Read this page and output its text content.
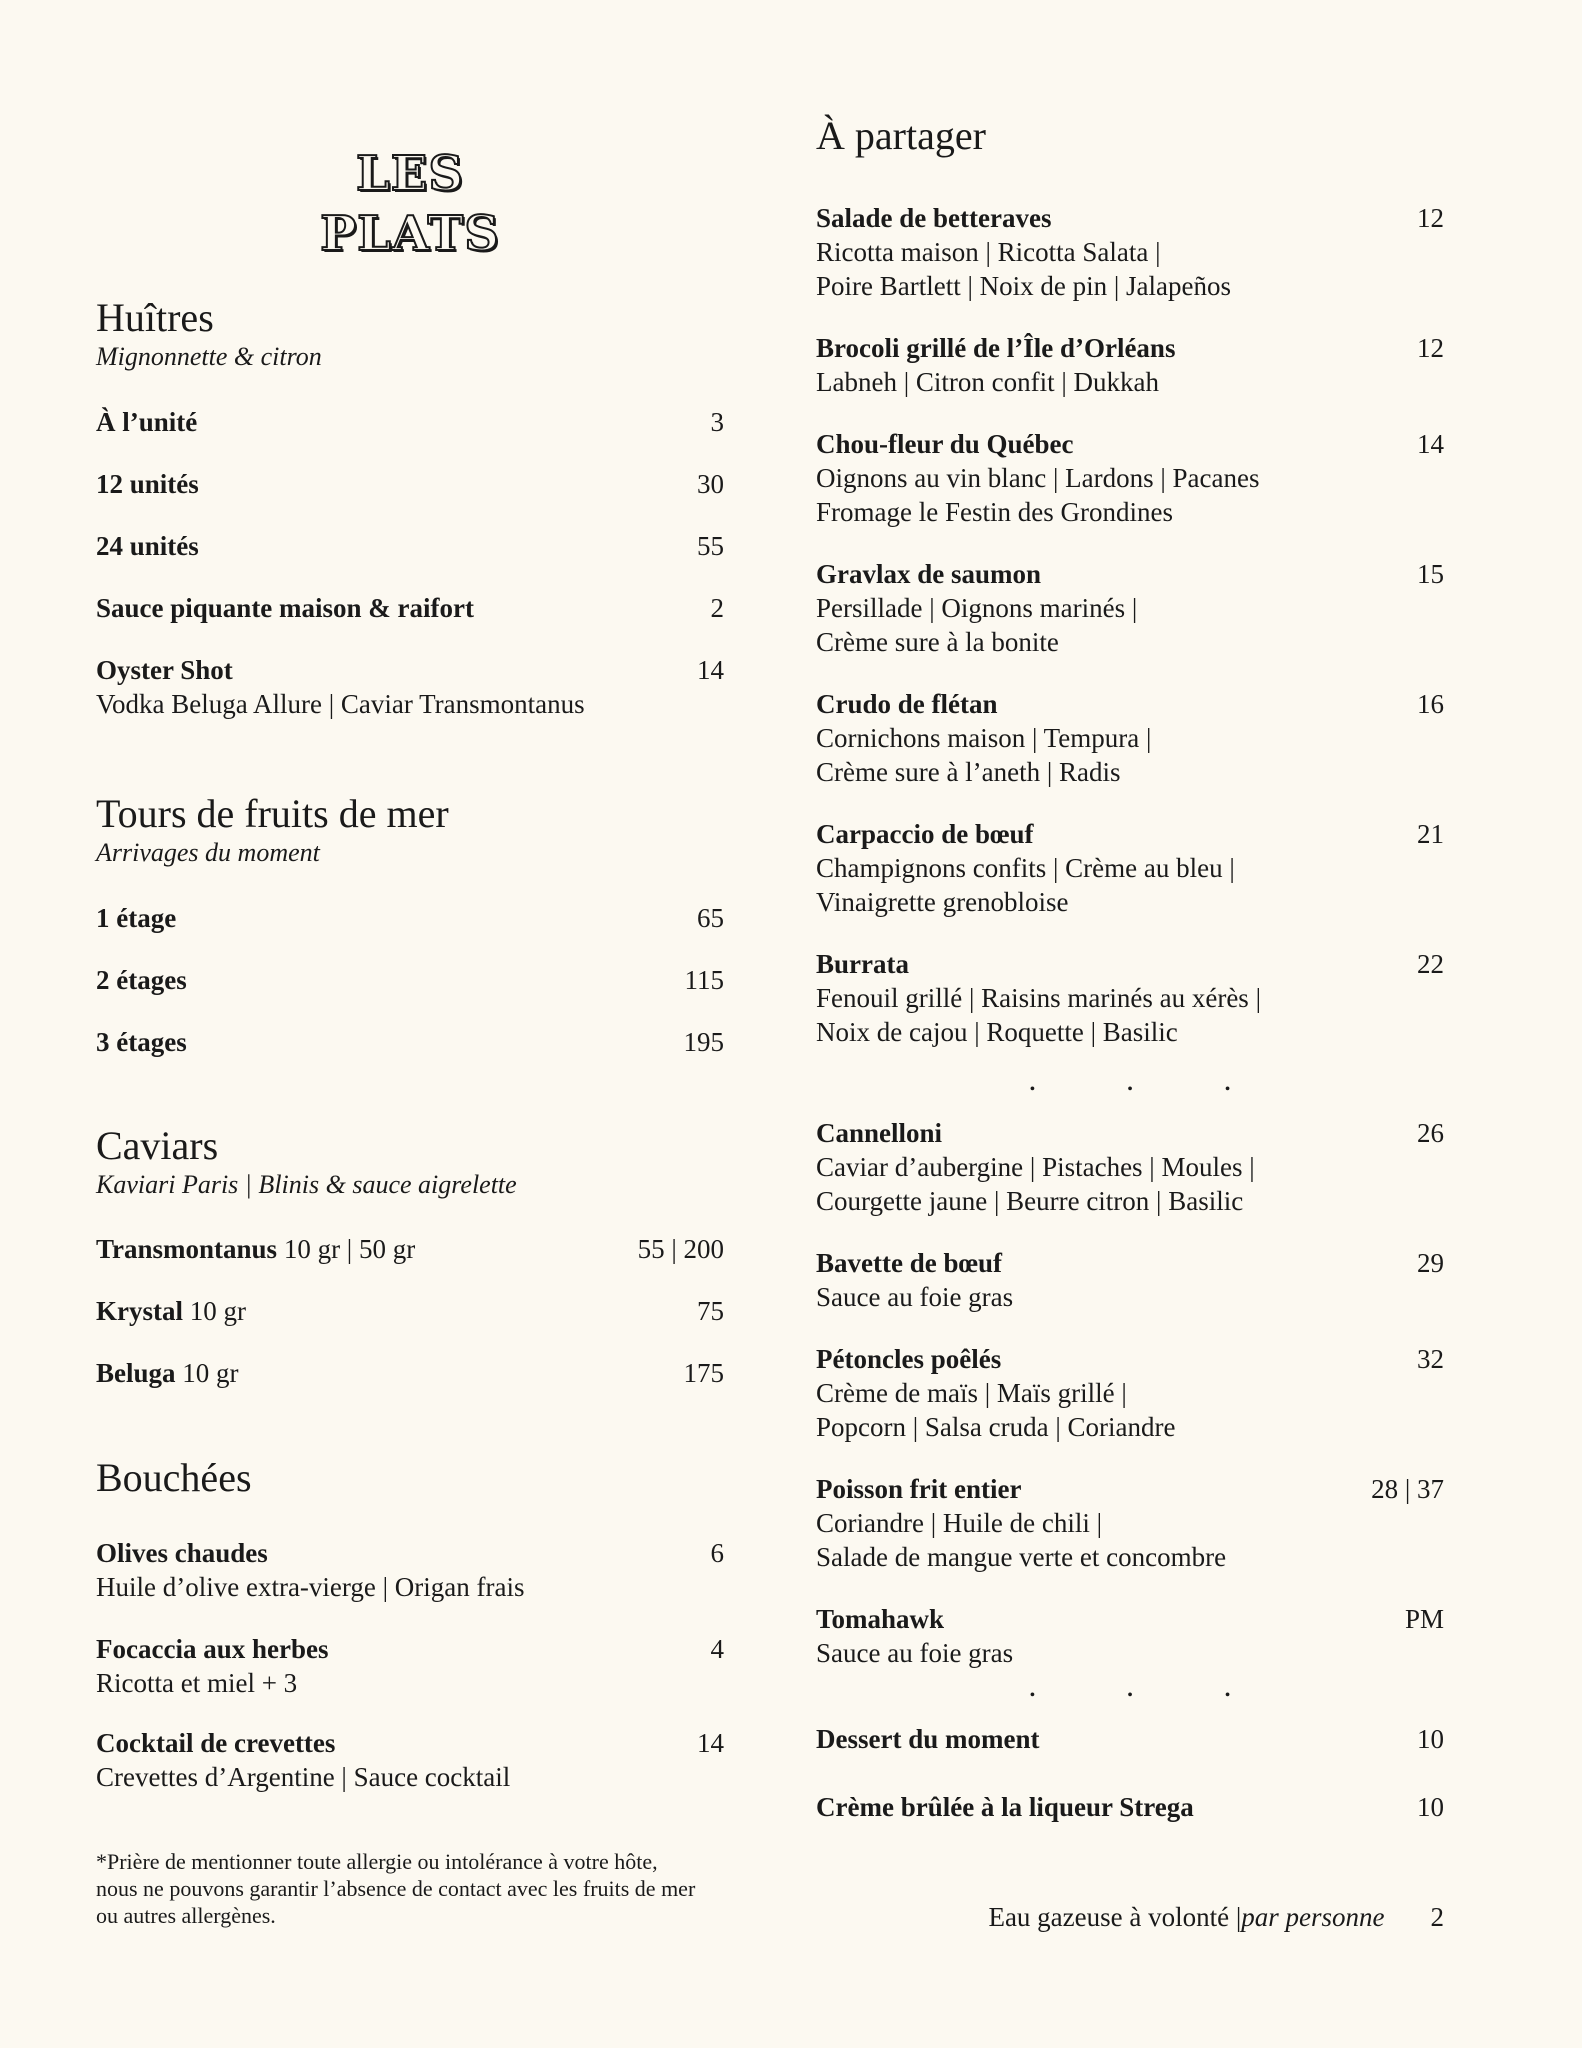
LES
PLATS
Huîtres
Mignonnette & citron
À l’unité	3
12 unités	30
24 unités	55
Sauce piquante maison & raifort	2
Oyster Shot	14
Vodka Beluga Allure | Caviar Transmontanus
Tours de fruits de mer
Arrivages du moment
1 étage	65
2 étages	115
3 étages	195
Caviars
Kaviari Paris | Blinis & sauce aigrelette
Transmontanus 10 gr | 50 gr	55 | 200
Krystal 10 gr	75
Beluga 10 gr	175
Bouchées
Olives chaudes	6
Huile d’olive extra-vierge | Origan frais
Focaccia aux herbes	4
Ricotta et miel + 3
Cocktail de crevettes	14
Crevettes d’Argentine | Sauce cocktail
*Prière de mentionner toute allergie ou intolérance à votre hôte, nous ne pouvons garantir l’absence de contact avec les fruits de mer ou autres allergènes.
À partager
Salade de betteraves	12
Ricotta maison | Ricotta Salata |
Poire Bartlett | Noix de pin | Jalapeños
Brocoli grillé de l’Île d’Orléans	12
Labneh | Citron confit | Dukkah
Chou-fleur du Québec	14
Oignons au vin blanc | Lardons | Pacanes
Fromage le Festin des Grondines
Gravlax de saumon	15
Persillade | Oignons marinés |
Crème sure à la bonite
Crudo de flétan	16
Cornichons maison | Tempura |
Crème sure à l’aneth | Radis
Carpaccio de bœuf	21
Champignons confits | Crème au bleu |
Vinaigrette grenobloise
Burrata	22
Fenouil grillé | Raisins marinés au xérès |
Noix de cajou | Roquette | Basilic
• • •
Cannelloni	26
Caviar d’aubergine | Pistaches | Moules |
Courgette jaune | Beurre citron | Basilic
Bavette de bœuf	29
Sauce au foie gras
Pétoncles poêlés	32
Crème de maïs | Maïs grillé |
Popcorn | Salsa cruda | Coriandre
Poisson frit entier	28 | 37
Coriandre | Huile de chili |
Salade de mangue verte et concombre
Tomahawk	PM
Sauce au foie gras
• • •
Dessert du moment	10
Crème brûlée à la liqueur Strega	10
Eau gazeuse à volonté | par personne 2
